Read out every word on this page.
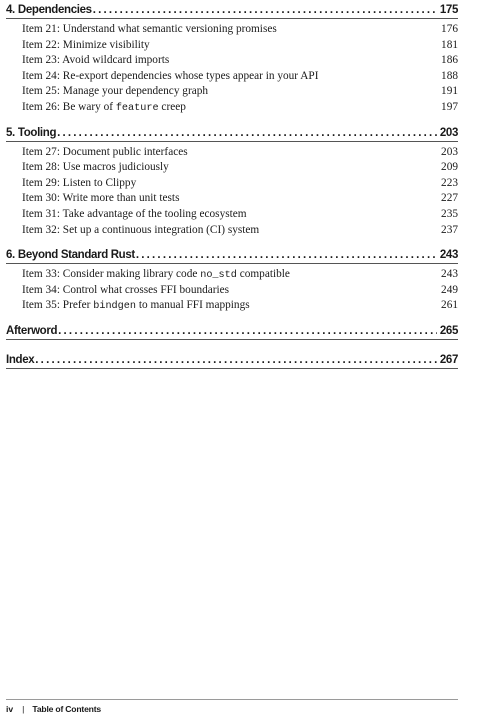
4. Dependencies . . .	175
Item 21: Understand what semantic versioning promises	176
Item 22: Minimize visibility	181
Item 23: Avoid wildcard imports	186
Item 24: Re-export dependencies whose types appear in your API	188
Item 25: Manage your dependency graph	191
Item 26: Be wary of feature creep	197
5. Tooling . . .	203
Item 27: Document public interfaces	203
Item 28: Use macros judiciously	209
Item 29: Listen to Clippy	223
Item 30: Write more than unit tests	227
Item 31: Take advantage of the tooling ecosystem	235
Item 32: Set up a continuous integration (CI) system	237
6. Beyond Standard Rust . . .	243
Item 33: Consider making library code no_std compatible	243
Item 34: Control what crosses FFI boundaries	249
Item 35: Prefer bindgen to manual FFI mappings	261
Afterword . . .	265
Index . . .	267
iv | Table of Contents
